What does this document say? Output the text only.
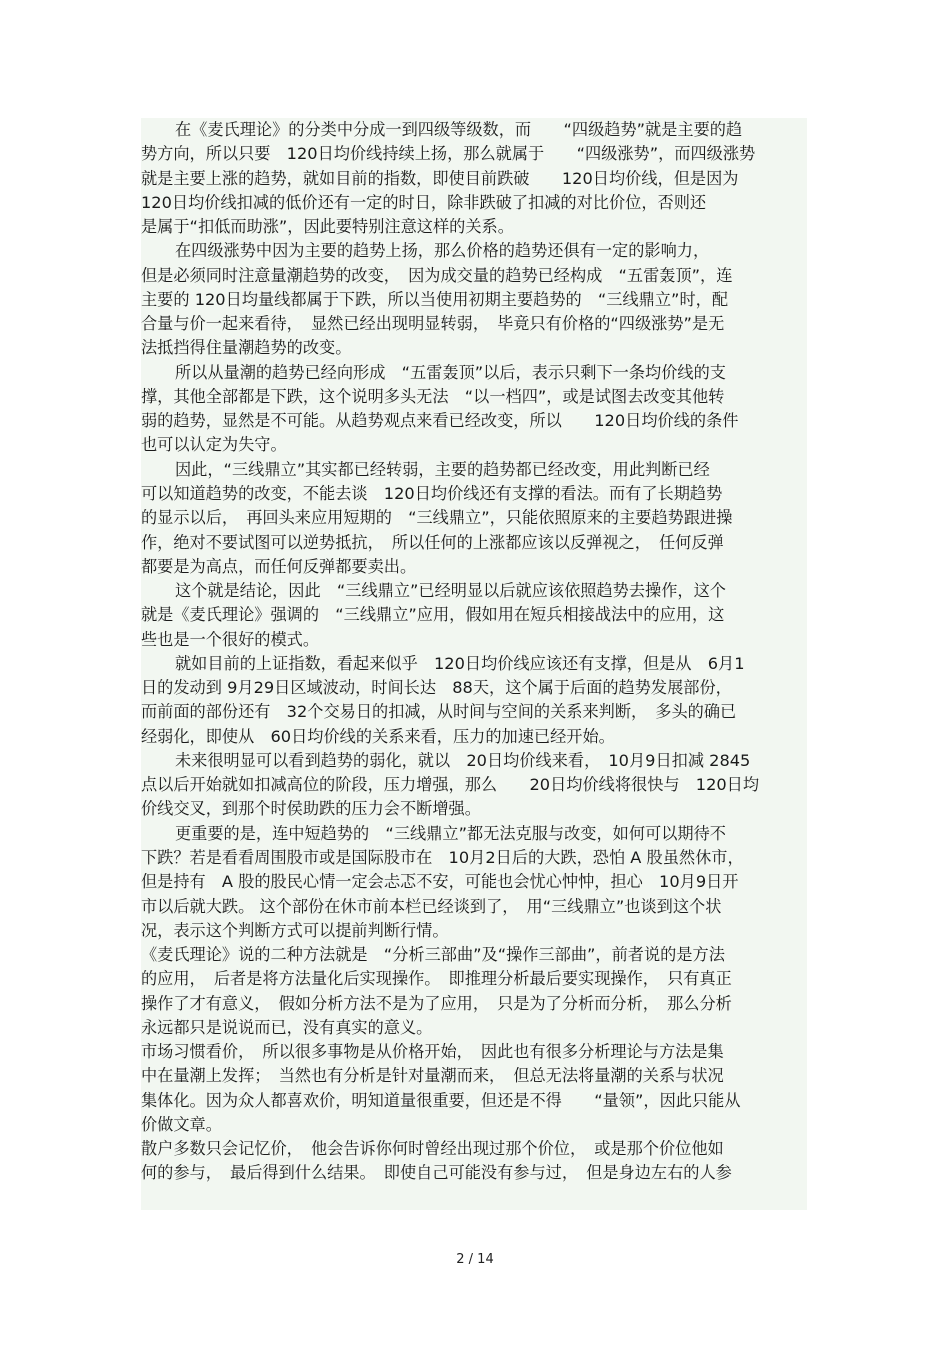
在《麦氏理论》的分类中分成一到四级等级数，而　　“四级趋势”就是主要的趋
势方向，所以只要　120日均价线持续上扬，那么就属于　　“四级涨势”，而四级涨势
就是主要上涨的趋势，就如目前的指数，即使目前跌破　　120日均价线，但是因为
120日均价线扣减的低价还有一定的时日，除非跌破了扣减的对比价位，否则还
是属于“扣低而助涨”，因此要特别注意这样的关系。
在四级涨势中因为主要的趋势上扬，那么价格的趋势还俱有一定的影响力，
但是必须同时注意量潮趋势的改变，　因为成交量的趋势已经构成　“五雷轰顶”，连
主要的 120日均量线都属于下跌，所以当使用初期主要趋势的　“三线鼎立”时，配
合量与价一起来看待，　显然已经出现明显转弱，　毕竟只有价格的“四级涨势”是无
法抵挡得住量潮趋势的改变。
所以从量潮的趋势已经向形成　“五雷轰顶”以后，表示只剩下一条均价线的支
撑，其他全部都是下跌，这个说明多头无法　“以一档四”，或是试图去改变其他转
弱的趋势，显然是不可能。从趋势观点来看已经改变，所以　　120日均价线的条件
也可以认定为失守。
因此，“三线鼎立”其实都已经转弱，主要的趋势都已经改变，用此判断已经
可以知道趋势的改变，不能去谈　120日均价线还有支撑的看法。而有了长期趋势
的显示以后，　再回头来应用短期的　“三线鼎立”，只能依照原来的主要趋势跟进操
作，绝对不要试图可以逆势抵抗，　所以任何的上涨都应该以反弹视之，　任何反弹
都要是为高点，而任何反弹都要卖出。
这个就是结论，因此　“三线鼎立”已经明显以后就应该依照趋势去操作，这个
就是《麦氏理论》强调的　“三线鼎立”应用，假如用在短兵相接战法中的应用，这
些也是一个很好的模式。
就如目前的上证指数，看起来似乎　120日均价线应该还有支撑，但是从　6月1
日的发动到 9月29日区域波动，时间长达　88天，这个属于后面的趋势发展部份，
而前面的部份还有　32个交易日的扣减，从时间与空间的关系来判断，　多头的确已
经弱化，即使从　60日均价线的关系来看，压力的加速已经开始。
未来很明显可以看到趋势的弱化，就以　20日均价线来看，　10月9日扣减 2845
点以后开始就如扣减高位的阶段，压力增强，那么　　20日均价线将很快与　120日均
价线交叉，到那个时侯助跌的压力会不断增强。
更重要的是，连中短趋势的　“三线鼎立”都无法克服与改变，如何可以期待不
下跌？若是看看周围股市或是国际股市在　10月2日后的大跌，恐怕 A 股虽然休市，
但是持有　A 股的股民心情一定会忐忑不安，可能也会忧心忡忡，担心　10月9日开
市以后就大跌。 这个部份在休市前本栏已经谈到了，　用“三线鼎立”也谈到这个状
况，表示这个判断方式可以提前判断行情。
《麦氏理论》说的二种方法就是　“分析三部曲”及“操作三部曲”，前者说的是方法
的应用，　后者是将方法量化后实现操作。　即推理分析最后要实现操作，　只有真正
操作了才有意义，　假如分析方法不是为了应用，　只是为了分析而分析，　那么分析
永远都只是说说而已，没有真实的意义。
市场习惯看价，　所以很多事物是从价格开始，　因此也有很多分析理论与方法是集
中在量潮上发挥；　当然也有分析是针对量潮而来，　但总无法将量潮的关系与状况
集体化。因为众人都喜欢价，明知道量很重要，但还是不得　　“量领”，因此只能从
价做文章。
散户多数只会记忆价，　他会告诉你何时曾经出现过那个价位，　或是那个价位他如
何的参与，　最后得到什么结果。　即使自己可能没有参与过，　但是身边左右的人参
2 / 14
